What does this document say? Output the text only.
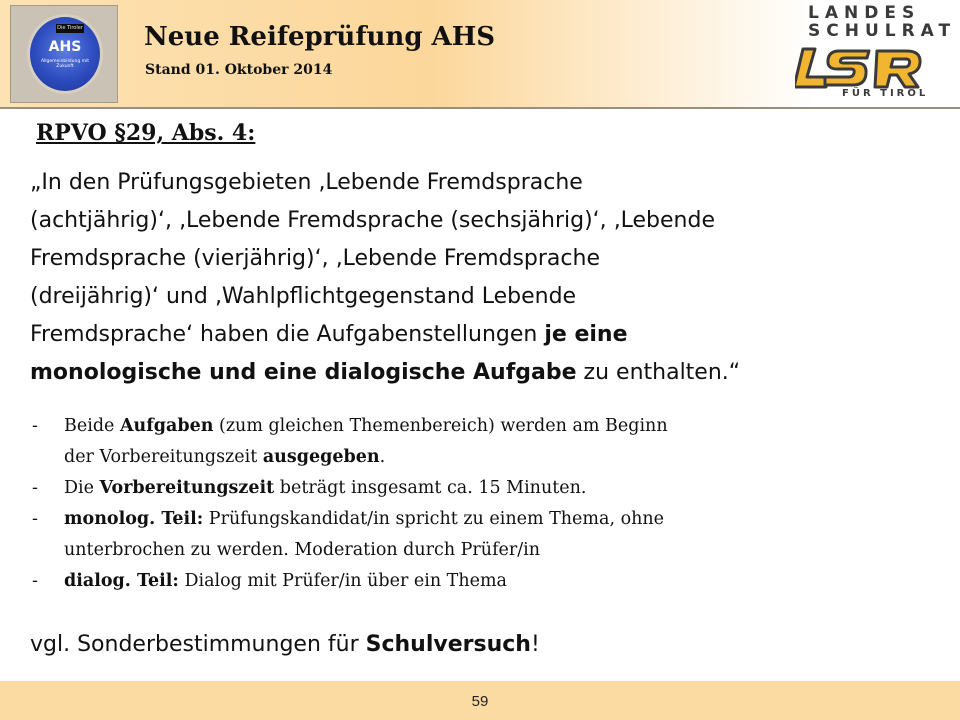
Die Tiroler
AHS
Allgemeinbildung mit Zukunft
Neue Reifeprüfung AHS
Stand 01. Oktober 2014
LANDES
SCHULRAT
FÜR TIROL
RPVO §29, Abs. 4:
„In den Prüfungsgebieten ‚Lebende Fremdsprache
(achtjährig)‘, ‚Lebende Fremdsprache (sechsjährig)‘, ‚Lebende
Fremdsprache (vierjährig)‘, ‚Lebende Fremdsprache
(dreijährig)‘ und ‚Wahlpflichtgegenstand Lebende
Fremdsprache‘ haben die Aufgabenstellungen je eine
monologische und eine dialogische Aufgabe zu enthalten.“
- Beide Aufgaben (zum gleichen Themenbereich) werden am Beginn
der Vorbereitungszeit ausgegeben.
- Die Vorbereitungszeit beträgt insgesamt ca. 15 Minuten.
- monolog. Teil: Prüfungskandidat/in spricht zu einem Thema, ohne
unterbrochen zu werden. Moderation durch Prüfer/in
- dialog. Teil: Dialog mit Prüfer/in über ein Thema
vgl. Sonderbestimmungen für Schulversuch!
59
